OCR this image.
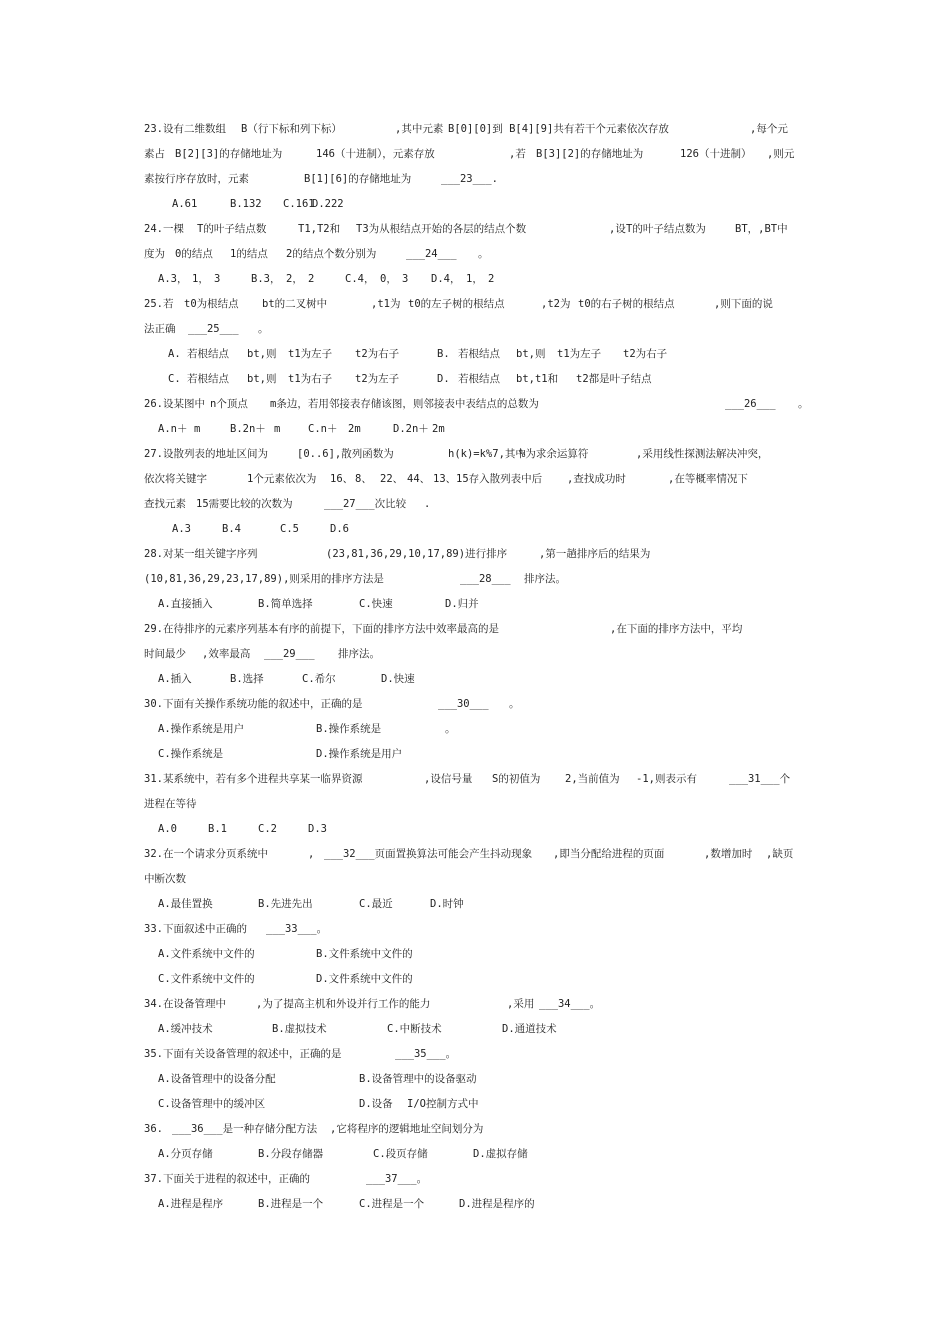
23.设有二维数组 B（行下标和列下标）	,其中元素 B[0][0]到 B[4][9]共有若干个元素依次存放	,每个元
素占 B[2][3]的存储地址为	146（十进制），元素存放	,若 B[3][2]的存储地址为	126（十进制） ,则元
素按行序存放时，元素	B[1][6]的存储地址为	___23___.
A.61	B.132 C.161
D.222
24.一棵 T的叶子结点数	T1,T2和 T3为从根结点开始的各层的结点个数	,设 T的叶子结点数为	BT，,BT中
度为 0的结点 1的结点 2的结点个数分别为	___24___ 。
A.3， 1， 3	B.3， 2， 2	C.4， 0， 3 D.4， 1， 2
25.若 t0为根结点 bt的二叉树中	,t1为 t0的左子树的根结点	,t2为 t0的右子树的根结点	,则下面的说
法正确 ___25___ 。
A. 若根结点 bt,则 t1为左子 t2为右子	B. 若根结点 bt,则 t1为左子 t2为右子
C. 若根结点 bt,则 t1为右子 t2为左子	D. 若根结点 bt,t1和 t2都是叶子结点
26.设某图中 n个顶点 m条边，若用邻接表存储该图，则邻接表中表结点的总数为	___26___ 。
A.n＋ m	B.2n＋ m	C.n＋ 2m	D.2n＋ 2m
27.设散列表的地址区间为	[0..6],散列函数为	h(k)=k%7,其中
%为求余运算符	,采用线性探测法解决冲突，
依次将关键字	1个元素依次为 16、 8、 22、 44、 13、 15存入散列表中后 ,查找成功时	,在等概率情况下
查找元素 15需要比较的次数为	___27___次比较 .
A.3	B.4	C.5	D.6
28.对某一组关键字序列	(23,81,36,29,10,17,89)进行排序	,第一趟排序后的结果为
(10,81,36,29,23,17,89),则采用的排序方法是	___28___ 排序法。
A.直接插入	B.简单选择	C.快速	D.归并
29.在待排序的元素序列基本有序的前提下，下面的排序方法中效率最高的是	,在下面的排序方法中，平均
时间最少 ,效率最高 ___29___ 排序法。
A.插入	B.选择	C.希尔	D.快速
30.下面有关操作系统功能的叙述中，正确的是	___30___ 。
A.操作系统是用户	B.操作系统是	。
C.操作系统是	D.操作系统是用户
31.某系统中，若有多个进程共享某一临界资源	,设信号量 S的初值为 2,当前值为 -1,则表示有	___31___个
进程在等待
A.0	B.1	C.2	D.3
32.在一个请求分页系统中	, ___32___页面置换算法可能会产生抖动现象 ,即当分配给进程的页面	,数增加时 ,缺页
中断次数
A.最佳置换	B.先进先出	C.最近	D.时钟
33.下面叙述中正确的 ___33___。
A.文件系统中文件的	B.文件系统中文件的
C.文件系统中文件的	D.文件系统中文件的
34.在设备管理中	,为了提高主机和外设并行工作的能力	,采用 ___34___。
A.缓冲技术	B.虚拟技术	C.中断技术	D.通道技术
35.下面有关设备管理的叙述中，正确的是	___35___。
A.设备管理中的设备分配	B.设备管理中的设备驱动
C.设备管理中的缓冲区	D.设备 I/O控制方式中
36. ___36___是一种存储分配方法 ,它将程序的逻辑地址空间划分为
A.分页存储	B.分段存储器	C.段页存储	D.虚拟存储
37.下面关于进程的叙述中，正确的	___37___。
A.进程是程序	B.进程是一个	C.进程是一个	D.进程是程序的
